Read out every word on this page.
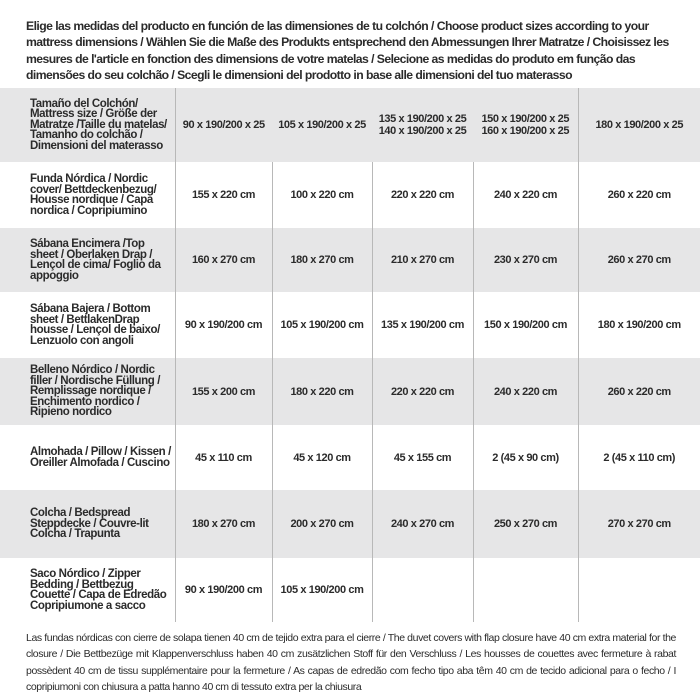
Elige las medidas del producto en función de las dimensiones de tu colchón / Choose product sizes according to your mattress dimensions / Wählen Sie die Maße des Produkts entsprechend den Abmessungen Ihrer Matratze / Choisissez les mesures de l'article en fonction des dimensions de votre matelas / Selecione as medidas do produto em função das dimensões do seu colchão / Scegli le dimensioni del prodotto in base alle dimensioni del tuo materasso
Tamaño del Colchón/ Mattress size / Größe der Matratze /Taille du matelas/ Tamanho do colchão / Dimensioni del materasso	90 x 190/200 x 25	105 x 190/200 x 25	135 x 190/200 x 25 140 x 190/200 x 25	150 x 190/200 x 25 160 x 190/200 x 25	180 x 190/200 x 25
Funda Nórdica / Nordic cover/ Bettdeckenbezug/ Housse nordique / Capa nordica / Copripiumino	155 x 220 cm	100 x 220 cm	220 x 220 cm	240 x 220 cm	260 x 220 cm
Sábana Encimera /Top sheet / Oberlaken Drap / Lençol de cima/ Foglio da appoggio	160 x 270 cm	180 x 270 cm	210 x 270 cm	230 x 270 cm	260 x 270 cm
Sábana Bajera / Bottom sheet / BettlakenDrap housse / Lençol de baixo/ Lenzuolo con angoli	90 x 190/200 cm	105 x 190/200 cm	135 x 190/200 cm	150 x 190/200 cm	180 x 190/200 cm
Belleno Nórdico / Nordic filler / Nordische Füllung / Remplissage nordique / Enchimento nordico / Ripieno nordico	155 x 200 cm	180 x 220 cm	220 x 220 cm	240 x 220 cm	260 x 220 cm
Almohada / Pillow / Kissen / Oreiller Almofada / Cuscino	45 x 110 cm	45 x 120 cm	45 x 155 cm	2 (45 x 90 cm)	2 (45 x 110 cm)
Colcha / Bedspread Steppdecke / Couvre-lit Colcha / Trapunta	180 x 270 cm	200 x 270 cm	240 x 270 cm	250 x 270 cm	270 x 270 cm
Saco Nórdico / Zipper Bedding / Bettbezug Couette / Capa de Edredão Copripiumone a sacco	90 x 190/200 cm	105 x 190/200 cm			
Las fundas nórdicas con cierre de solapa tienen 40 cm de tejido extra para el cierre / The duvet covers with flap closure have 40 cm extra material for the closure / Die Bettbezüge mit Klappenverschluss haben 40 cm zusätzlichen Stoff für den Verschluss / Les housses de couettes avec fermeture à rabat possèdent 40 cm de tissu supplémentaire pour la fermeture / As capas de edredão com fecho tipo aba têm 40 cm de tecido adicional para o fecho / I copripiumoni con chiusura a patta hanno 40 cm di tessuto extra per la chiusura
